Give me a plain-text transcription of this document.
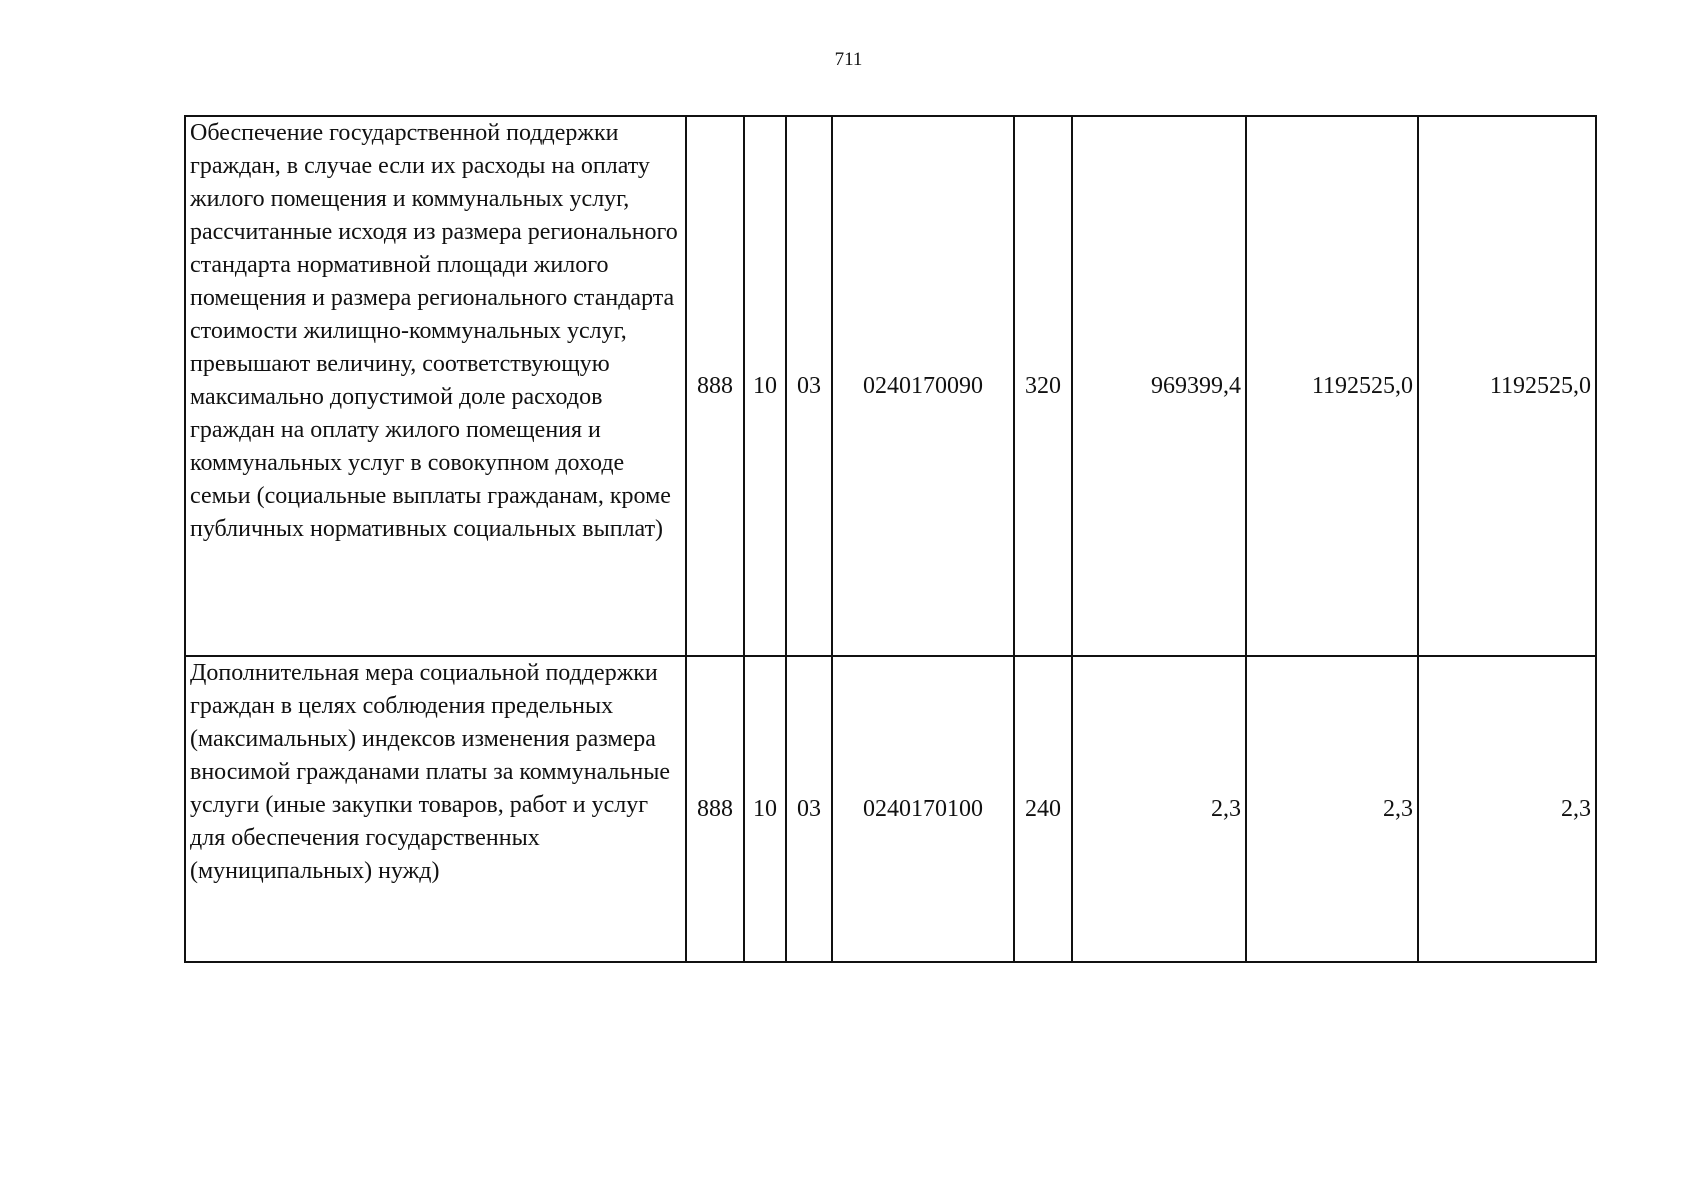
711
Обеспечение государственной поддержки граждан, в случае если их расходы на оплату жилого помещения и коммунальных услуг, рассчитанные исходя из размера регионального стандарта нормативной площади жилого помещения и размера регионального стандарта стоимости жилищно-коммунальных услуг, превышают величину, соответствующую максимально допустимой доле расходов граждан на оплату жилого помещения и коммунальных услуг в совокупном доходе семьи (социальные выплаты гражданам, кроме публичных нормативных социальных выплат)	888	10	03	0240170090	320	969399,4	1192525,0	1192525,0
Дополнительная мера социальной поддержки граждан в целях соблюдения предельных (максимальных) индексов изменения размера вносимой гражданами платы за коммунальные услуги (иные закупки товаров, работ и услуг для обеспечения государственных (муниципальных) нужд)	888	10	03	0240170100	240	2,3	2,3	2,3
